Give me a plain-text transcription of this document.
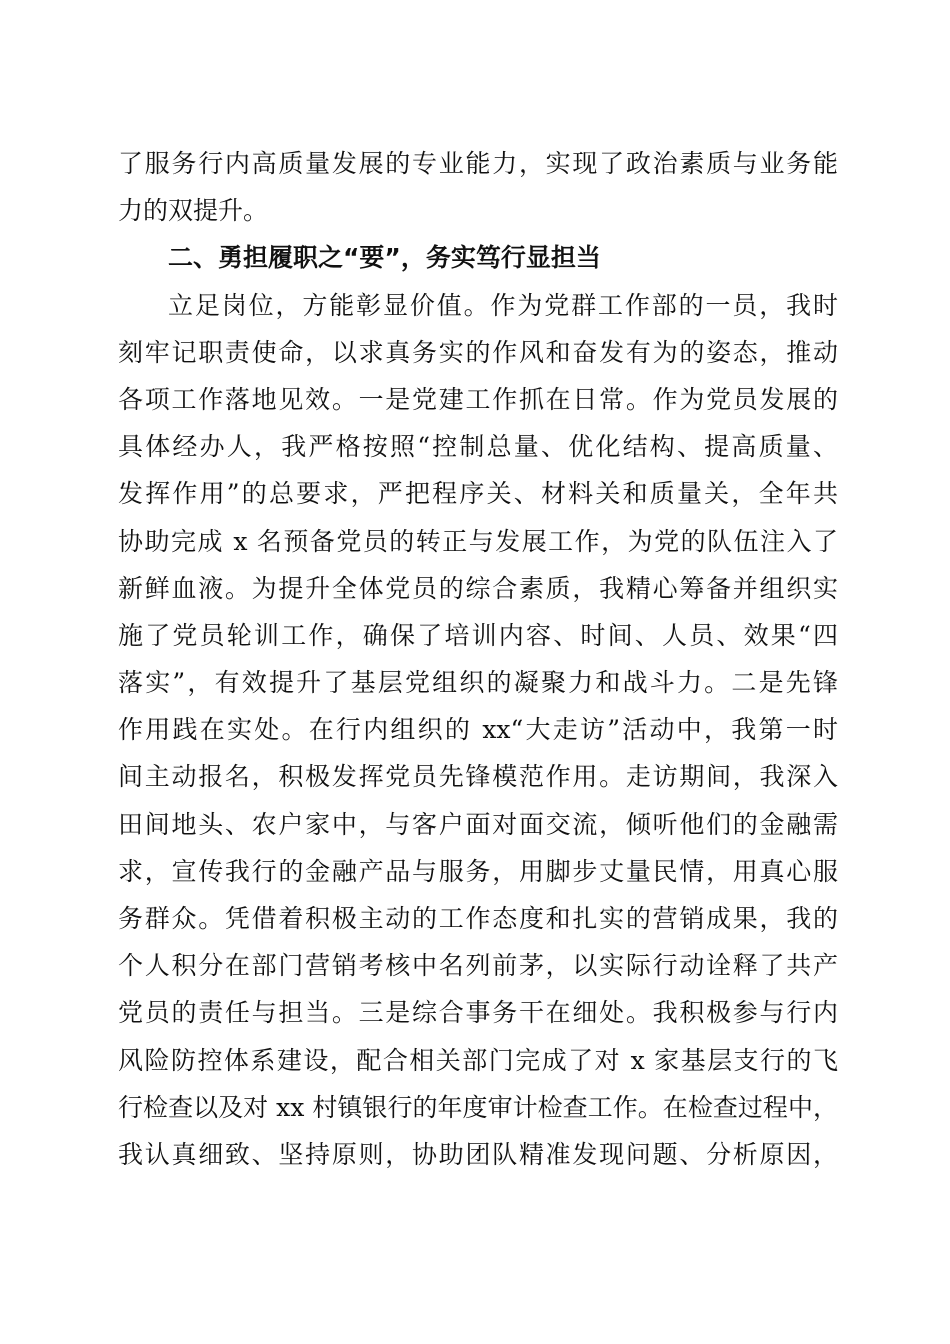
了服务行内高质量发展的专业能力，实现了政治素质与业务能
力的双提升。
二、勇担履职之“要”，务实笃行显担当
立足岗位，方能彰显价值。作为党群工作部的一员，我时
刻牢记职责使命，以求真务实的作风和奋发有为的姿态，推动
各项工作落地见效。一是党建工作抓在日常。作为党员发展的
具体经办人，我严格按照“控制总量、优化结构、提高质量、
发挥作用”的总要求，严把程序关、材料关和质量关，全年共
协助完成 x 名预备党员的转正与发展工作，为党的队伍注入了
新鲜血液。为提升全体党员的综合素质，我精心筹备并组织实
施了党员轮训工作，确保了培训内容、时间、人员、效果“四
落实”，有效提升了基层党组织的凝聚力和战斗力。二是先锋
作用践在实处。在行内组织的 xx“大走访”活动中，我第一时
间主动报名，积极发挥党员先锋模范作用。走访期间，我深入
田间地头、农户家中，与客户面对面交流，倾听他们的金融需
求，宣传我行的金融产品与服务，用脚步丈量民情，用真心服
务群众。凭借着积极主动的工作态度和扎实的营销成果，我的
个人积分在部门营销考核中名列前茅，以实际行动诠释了共产
党员的责任与担当。三是综合事务干在细处。我积极参与行内
风险防控体系建设，配合相关部门完成了对 x 家基层支行的飞
行检查以及对 xx 村镇银行的年度审计检查工作。在检查过程中，
我认真细致、坚持原则，协助团队精准发现问题、分析原因，
